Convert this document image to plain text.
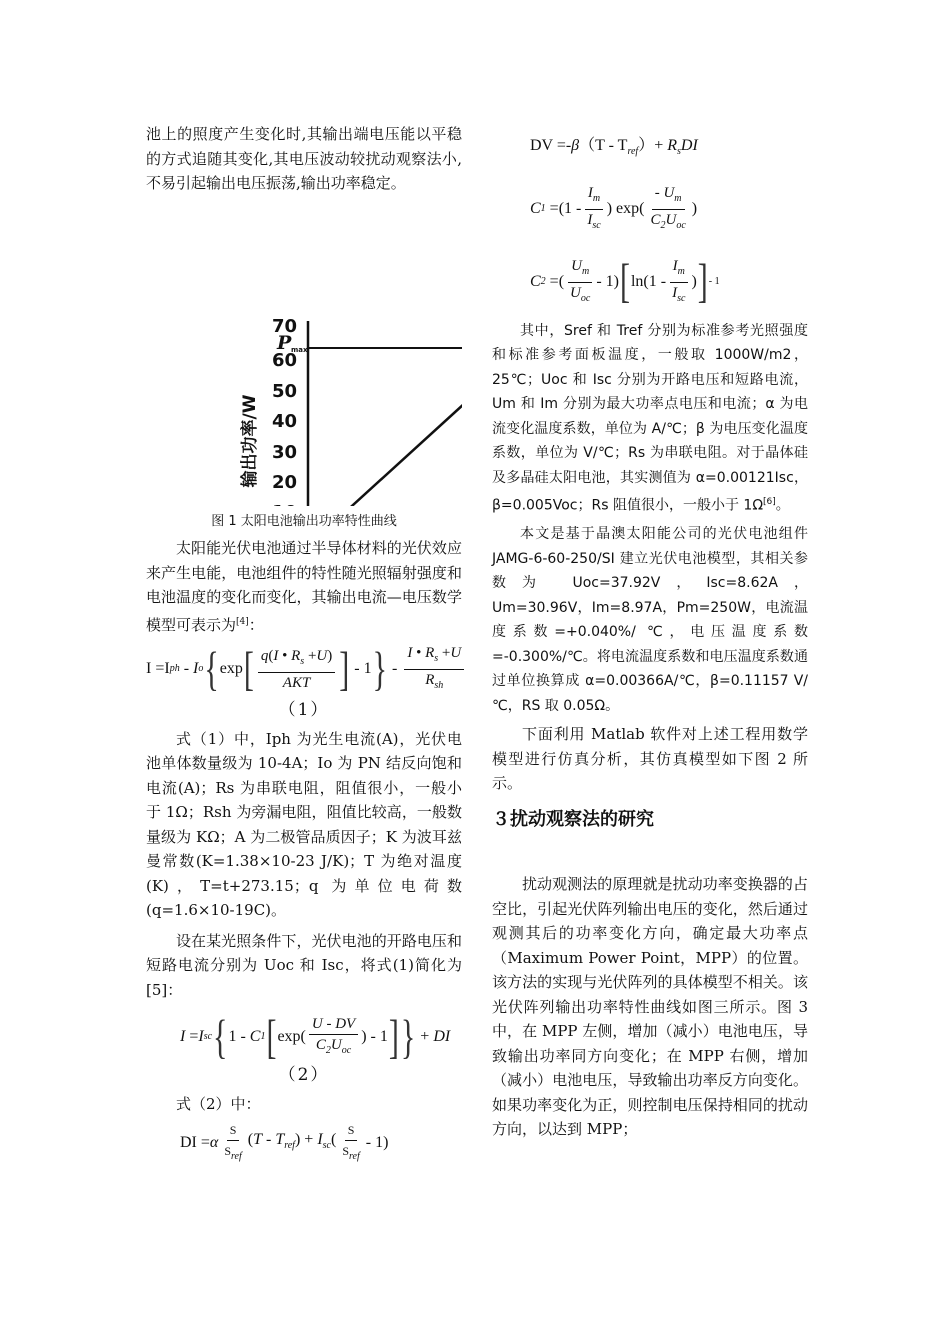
池上的照度产生变化时,其输出端电压能以平稳的方式追随其变化,其电压波动较扰动观察法小,不易引起输出电压振荡,输出功率稳定。

70
60
50
40
30
20
P max
输出功率/W
图 1 太阳电池输出功率特性曲线

太阳能光伏电池通过半导体材料的光伏效应来产生电能，电池组件的特性随光照辐射强度和电池温度的变化而变化，其输出电流—电压数学模型可表示为[4]：

I =I ph - I o { exp [ $\frac{q(I • R_s +U)}{\text{AKT}}$ ] - 1 } - $\frac{I • R_s +U}{R_{sh}}$
（1）

式（1）中，Iph 为光生电流(A)，光伏电池单体数量级为 10-4A；Io 为 PN 结反向饱和电流(A)；Rs 为串联电阻，阻值很小，一般小于 1Ω；Rsh 为旁漏电阻，阻值比较高，一般数量级为 KΩ；A 为二极管品质因子；K 为波耳兹曼常数(K=1.38×10-23 J/K)；T 为绝对温度(K)，T=t+273.15；q 为单位电荷数(q=1.6×10-19C)。

设在某光照条件下，光伏电池的开路电压和短路电流分别为 Uoc 和 Isc，将式(1)简化为[5]：

I = I sc { 1 - C 1 [ $\exp( \frac{U - DV}{C_2U_{oc}}$ ) - 1 ] } + DI
（2）

式（2）中：

DI = α $\frac{S}{S_{ref}} (T - T_{ref}) + I_{sc}( \frac{S}{S_{ref}} - 1)$
DV $=-\beta(T - T_{ref})+ R_sDI$
C $1 =(1 - \frac{I_m}{I_{sc}}$ ) $\exp( \frac{- U_m}{C_2U_{oc}}$ )
C 2 =( $\frac{U_m}{U_{oc}} - 1$) [ $\ln(1 - \frac{I_m}{I_{sc}}$ ) ] - 1

其中，Sref 和 Tref 分别为标准参考光照强度和标准参考面板温度，一般取 1000W/m2，25℃；Uoc 和 Isc 分别为开路电压和短路电流，Um 和 Im 分别为最大功率点电压和电流；α 为电流变化温度系数，单位为 A/℃；β 为电压变化温度系数，单位为 V/℃；Rs 为串联电阻。对于晶体硅及多晶硅太阳电池，其实测值为 α=0.00121Isc，β=0.005Voc；Rs 阻值很小，一般小于 1Ω[6]。

本文是基于晶澳太阳能公司的光伏电池组件 JAMG-6-60-250/SI 建立光伏电池模型，其相关参数为 Uoc=37.92V，Isc=8.62A，Um=30.96V，Im=8.97A，Pm=250W，电流温度系数=+0.040%/ ℃，电压温度系数=-0.300%/℃。将电流温度系数和电压温度系数通过单位换算成 α=0.00366A/℃，β=0.11157 V/℃，RS 取 0.05Ω。

下面利用 Matlab 软件对上述工程用数学模型进行仿真分析，其仿真模型如下图 2 所示。

３扰动观察法的研究

扰动观测法的原理就是扰动功率变换器的占空比，引起光伏阵列输出电压的变化，然后通过观测其后的功率变化方向，确定最大功率点（Maximum Power Point，MPP）的位置。该方法的实现与光伏阵列的具体模型不相关。该光伏阵列输出功率特性曲线如图三所示。图 3 中，在 MPP 左侧，增加（减小）电池电压，导致输出功率同方向变化；在 MPP 右侧，增加（减小）电池电压，导致输出功率反方向变化。如果功率变化为正，则控制电压保持相同的扰动方向，以达到 MPP；
